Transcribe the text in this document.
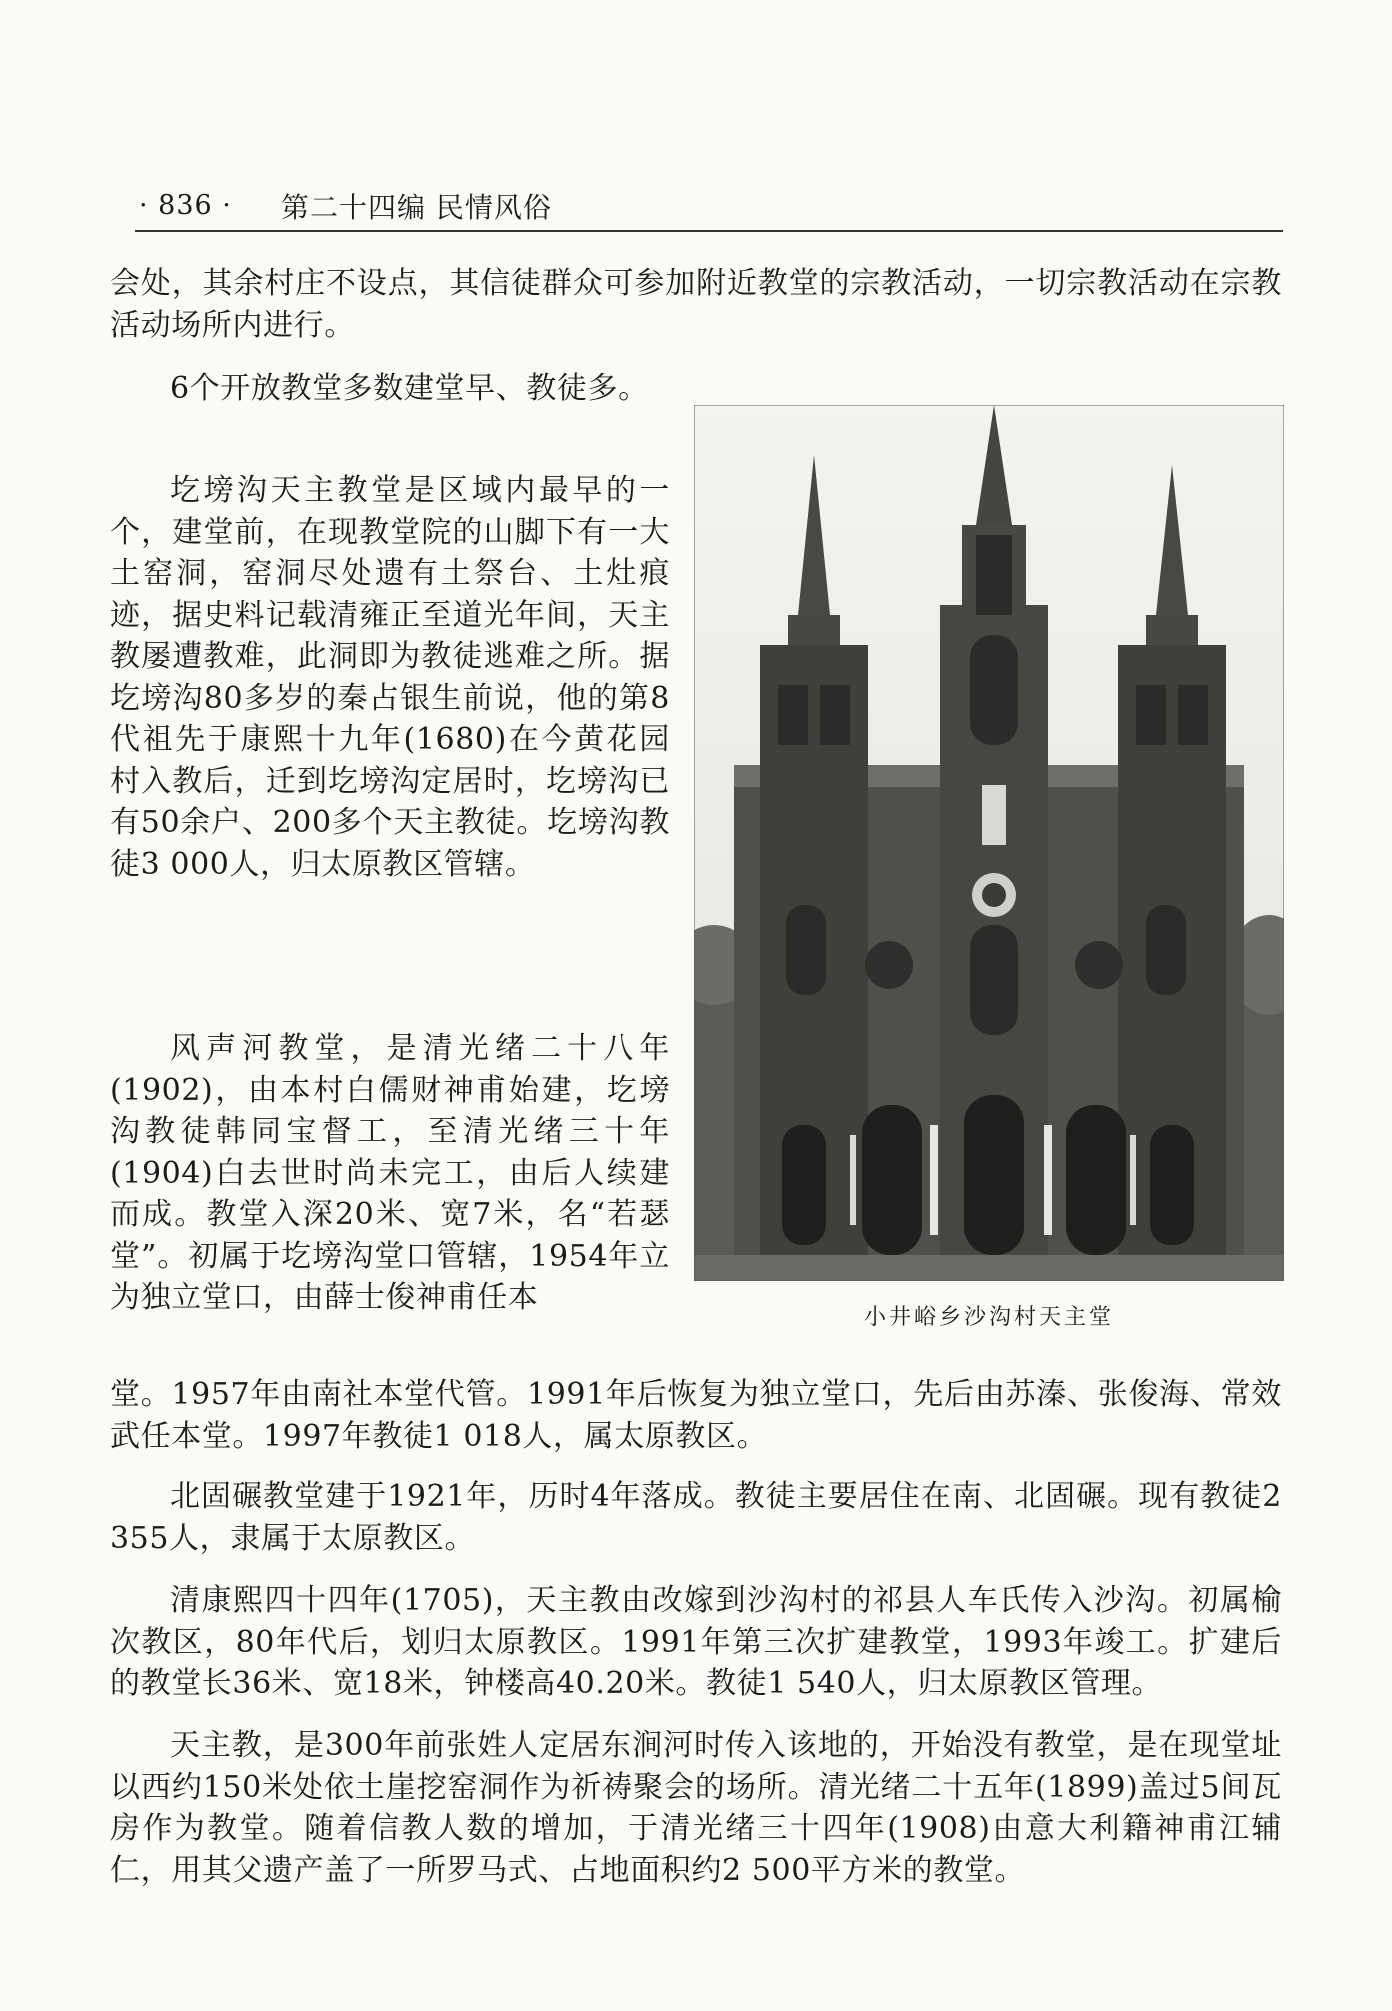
· 836 · 第二十四编 民情风俗

会处，其余村庄不设点，其信徒群众可参加附近教堂的宗教活动，一切宗教活动在宗教活动场所内进行。

6个开放教堂多数建堂早、教徒多。

圪塝沟天主教堂是区域内最早的一个，建堂前，在现教堂院的山脚下有一大土窑洞，窑洞尽处遗有土祭台、土灶痕迹，据史料记载清雍正至道光年间，天主教屡遭教难，此洞即为教徒逃难之所。据圪塝沟80多岁的秦占银生前说，他的第8代祖先于康熙十九年(1680)在今黄花园村入教后，迁到圪塝沟定居时，圪塝沟已有50余户、200多个天主教徒。圪塝沟教徒3 000人，归太原教区管辖。

风声河教堂，是清光绪二十八年(1902)，由本村白儒财神甫始建，圪塝沟教徒韩同宝督工，至清光绪三十年(1904)白去世时尚未完工，由后人续建而成。教堂入深20米、宽7米，名“若瑟堂”。初属于圪塝沟堂口管辖，1954年立为独立堂口，由薛士俊神甫任本

堂。1957年由南社本堂代管。1991年后恢复为独立堂口，先后由苏溱、张俊海、常效武任本堂。1997年教徒1 018人，属太原教区。

北固碾教堂建于1921年，历时4年落成。教徒主要居住在南、北固碾。现有教徒2 355人，隶属于太原教区。

清康熙四十四年(1705)，天主教由改嫁到沙沟村的祁县人车氏传入沙沟。初属榆次教区，80年代后，划归太原教区。1991年第三次扩建教堂，1993年竣工。扩建后的教堂长36米、宽18米，钟楼高40.20米。教徒1 540人，归太原教区管理。

天主教，是300年前张姓人定居东涧河时传入该地的，开始没有教堂，是在现堂址以西约150米处依土崖挖窑洞作为祈祷聚会的场所。清光绪二十五年(1899)盖过5间瓦房作为教堂。随着信教人数的增加，于清光绪三十四年(1908)由意大利籍神甫江辅仁，用其父遗产盖了一所罗马式、占地面积约2 500平方米的教堂。

小井峪乡沙沟村天主堂
